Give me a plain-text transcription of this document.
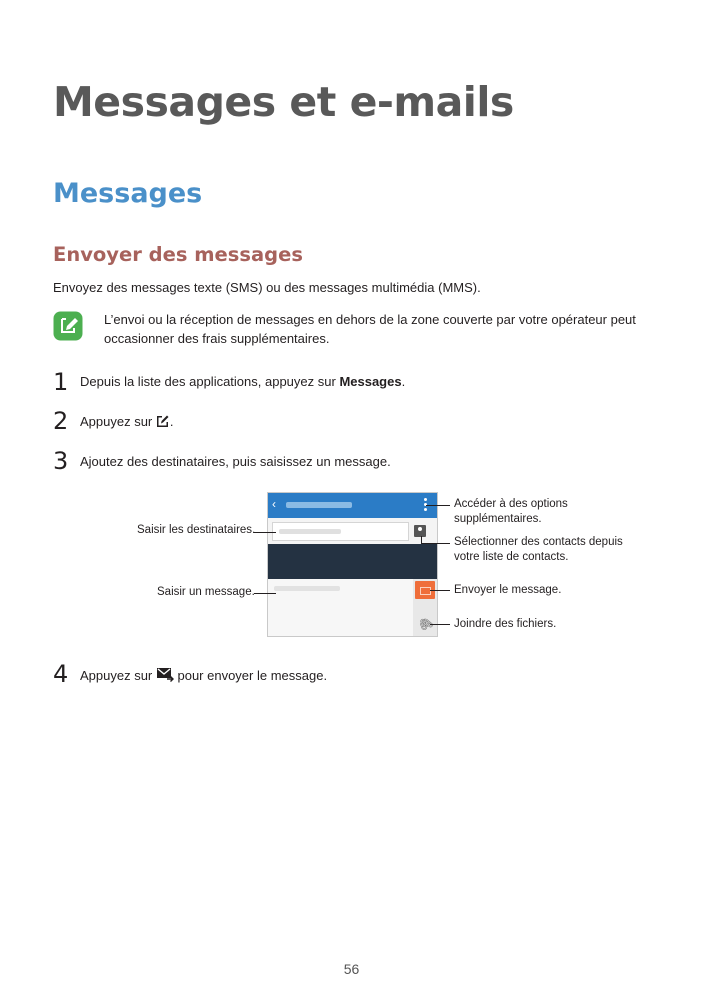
Messages et e-mails
Messages
Envoyer des messages
Envoyez des messages texte (SMS) ou des messages multimédia (MMS).
L’envoi ou la réception de messages en dehors de la zone couverte par votre opérateur peut
occasionner des frais supplémentaires.
1 Depuis la liste des applications, appuyez sur Messages.
2 Appuyez sur .
3 Ajoutez des destinataires, puis saisissez un message.
‹
🖇
Saisir les destinataires.
Saisir un message.
Accéder à des options
supplémentaires.
Sélectionner des contacts depuis
votre liste de contacts.
Envoyer le message.
Joindre des fichiers.
4 Appuyez sur  pour envoyer le message.
56
